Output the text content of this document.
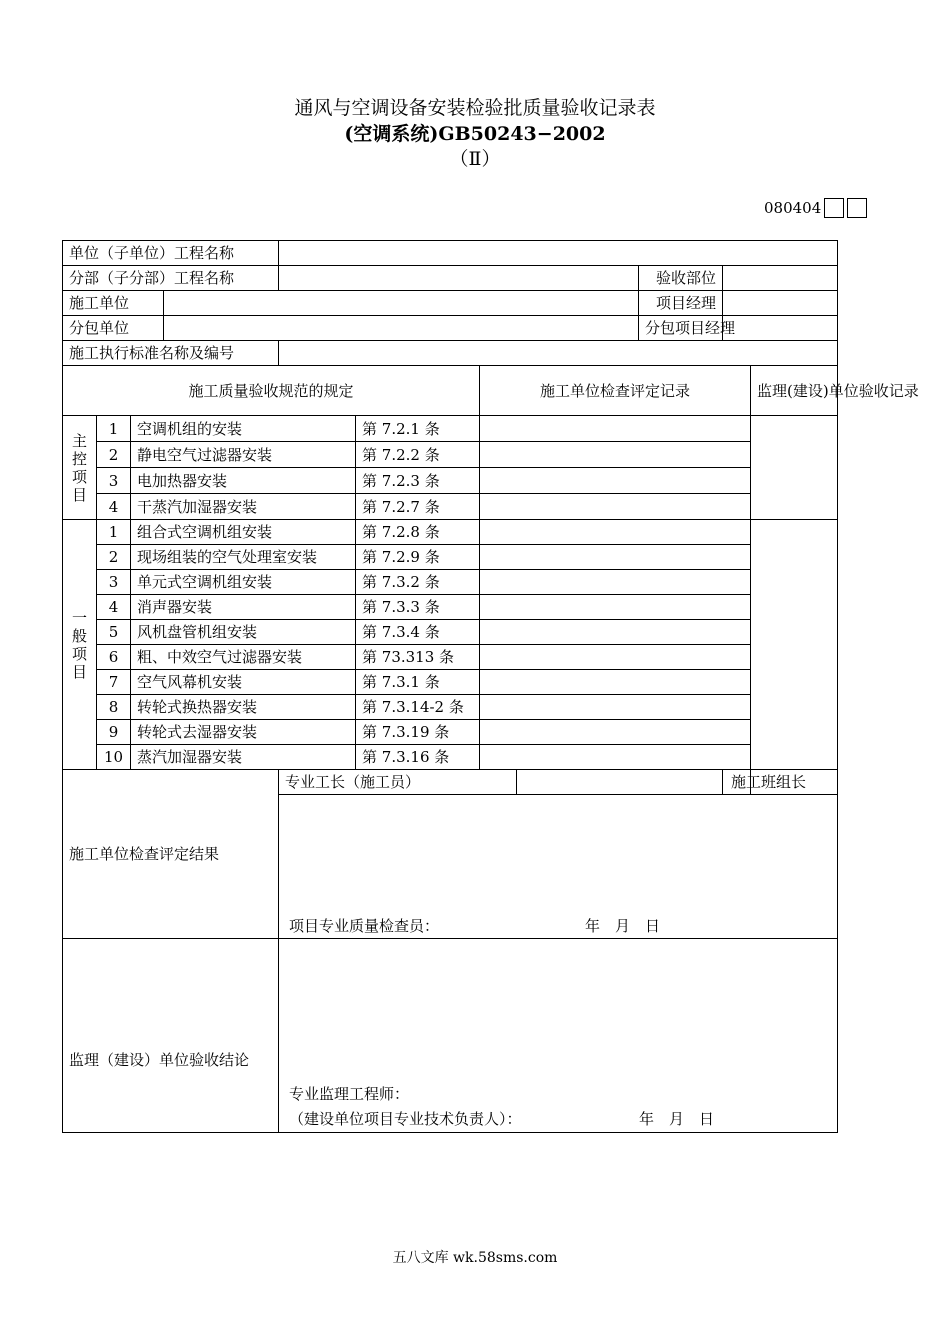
通风与空调设备安装检验批质量验收记录表
(空调系统)GB50243−2002
（Ⅱ）
080404
单位（子单位）工程名称										
分部（子分部）工程名称								验收部位		
施工单位								项目经理		
分包单位								分包项目经理		
施工执行标准名称及编号										
施工质量验收规范的规定						施工单位检查评定记录				监理(建设)单位验收记录

主
控
项
目	1	空调机组的安装			第 7.2.1 条					
	2	静电空气过滤器安装			第 7.2.2 条					
	3	电加热器安装			第 7.2.3 条					
	4	干蒸汽加湿器安装			第 7.2.7 条					

一
般
项
目	1	组合式空调机组安装			第 7.2.8 条					
	2	现场组装的空气处理室安装			第 7.2.9 条					
	3	单元式空调机组安装			第 7.3.2 条					
	4	消声器安装			第 7.3.3 条					
	5	风机盘管机组安装			第 7.3.4 条					
	6	粗、中效空气过滤器安装			第 73.313 条					
	7	空气风幕机安装			第 7.3.1 条					
	8	转轮式换热器安装			第 7.3.14-2 条					
	9	转轮式去湿器安装			第 7.3.19 条					
	10	蒸汽加湿器安装			第 7.3.16 条					
施工单位检查评定结果				专业工长（施工员）						施工班组长

				项目专业质量检查员： 年　月　日						

监理（建设）单位验收结论				专业监理工程师：
（建设单位项目专业技术负责人）： 年　月　日						
五八文库 wk.58sms.com
